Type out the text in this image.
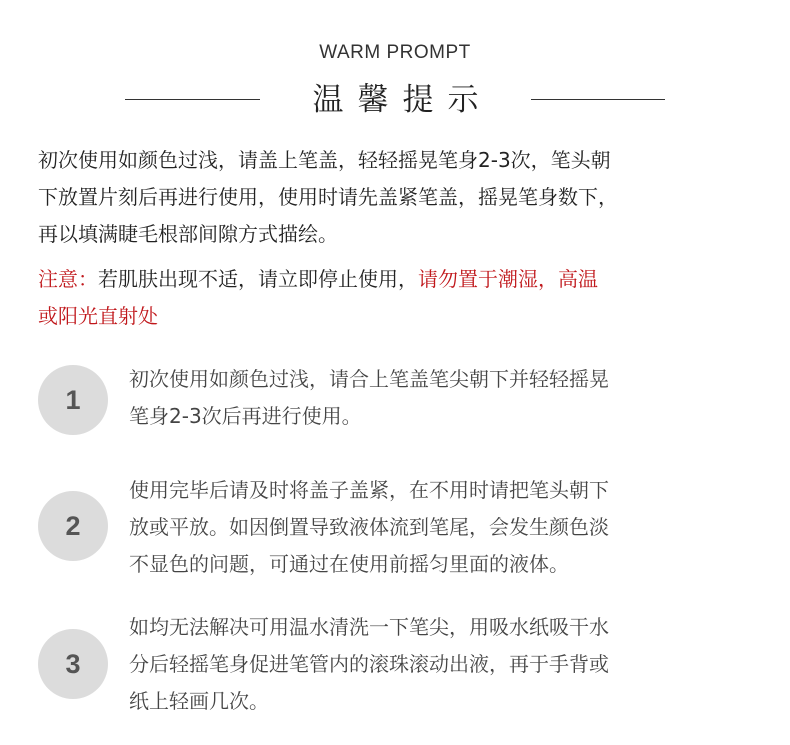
WARM PROMPT
温馨提示

初次使用如颜色过浅，请盖上笔盖，轻轻摇晃笔身2-3次，笔头朝
下放置片刻后再进行使用，使用时请先盖紧笔盖，摇晃笔身数下，
再以填满睫毛根部间隙方式描绘。

注意：若肌肤出现不适，请立即停止使用，请勿置于潮湿，高温
或阳光直射处

1

初次使用如颜色过浅，请合上笔盖笔尖朝下并轻轻摇晃
笔身2-3次后再进行使用。

2

使用完毕后请及时将盖子盖紧，在不用时请把笔头朝下
放或平放。如因倒置导致液体流到笔尾，会发生颜色淡
不显色的问题，可通过在使用前摇匀里面的液体。

3

如均无法解决可用温水清洗一下笔尖，用吸水纸吸干水
分后轻摇笔身促进笔管内的滚珠滚动出液，再于手背或
纸上轻画几次。
